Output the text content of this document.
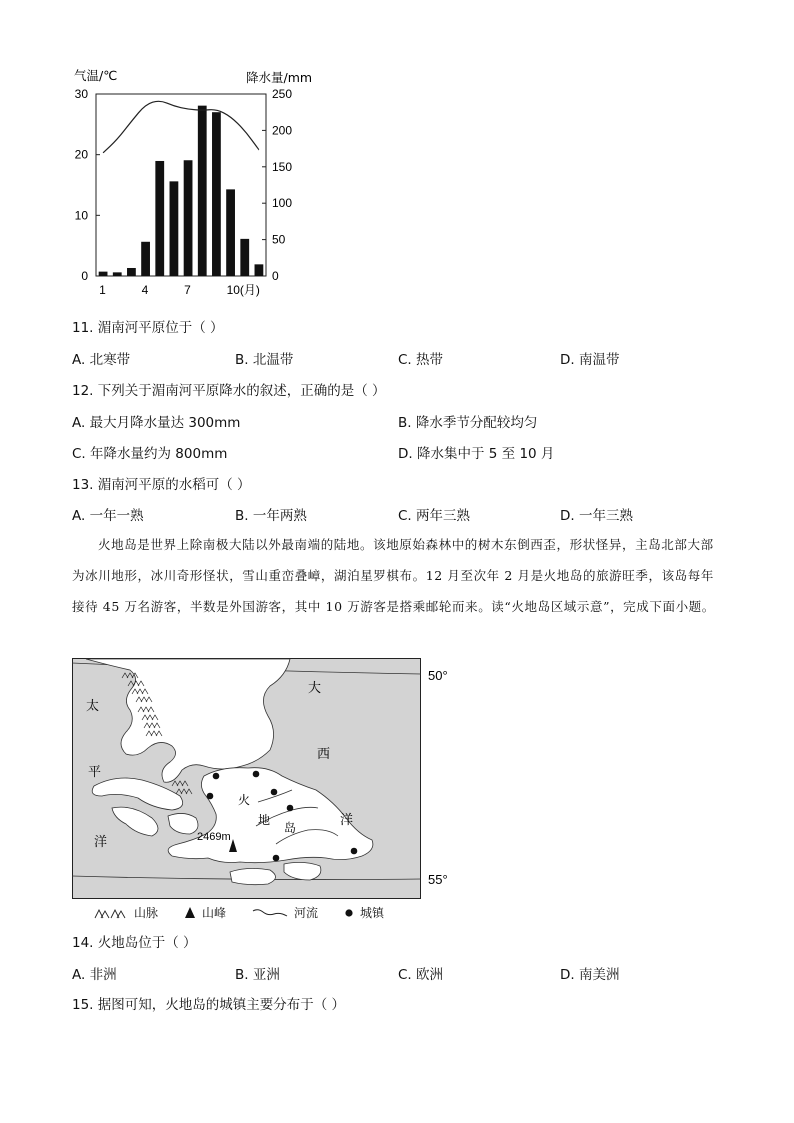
0
10
20
30
0
50
100
150
200
250
1	4	7	10(月)
气温/℃	降水量/mm
11. 湄南河平原位于（ ）
A. 北寒带	B. 北温带	C. 热带	D. 南温带
12. 下列关于湄南河平原降水的叙述，正确的是（ ）
A. 最大月降水量达 300mm	B. 降水季节分配较均匀
C. 年降水量约为 800mm	D. 降水集中于 5 至 10 月
13. 湄南河平原的水稻可（ ）
A. 一年一熟	B. 一年两熟	C. 两年三熟	D. 一年三熟

火地岛是世界上除南极大陆以外最南端的陆地。该地原始森林中的树木东倒西歪，形状怪异，主岛北部大部为冰川地形，冰川奇形怪状，雪山重峦叠嶂，湖泊星罗棋布。12 月至次年 2 月是火地岛的旅游旺季，该岛每年接待 45 万名游客，半数是外国游客，其中 10 万游客是搭乘邮轮而来。读“火地岛区域示意”，完成下面小题。

2469m
太
平
洋
大
西
洋
火
地
岛
50°
55°
山脉	山峰	河流	城镇
14. 火地岛位于（ ）
A. 非洲	B. 亚洲	C. 欧洲	D. 南美洲
15. 据图可知，火地岛的城镇主要分布于（ ）
